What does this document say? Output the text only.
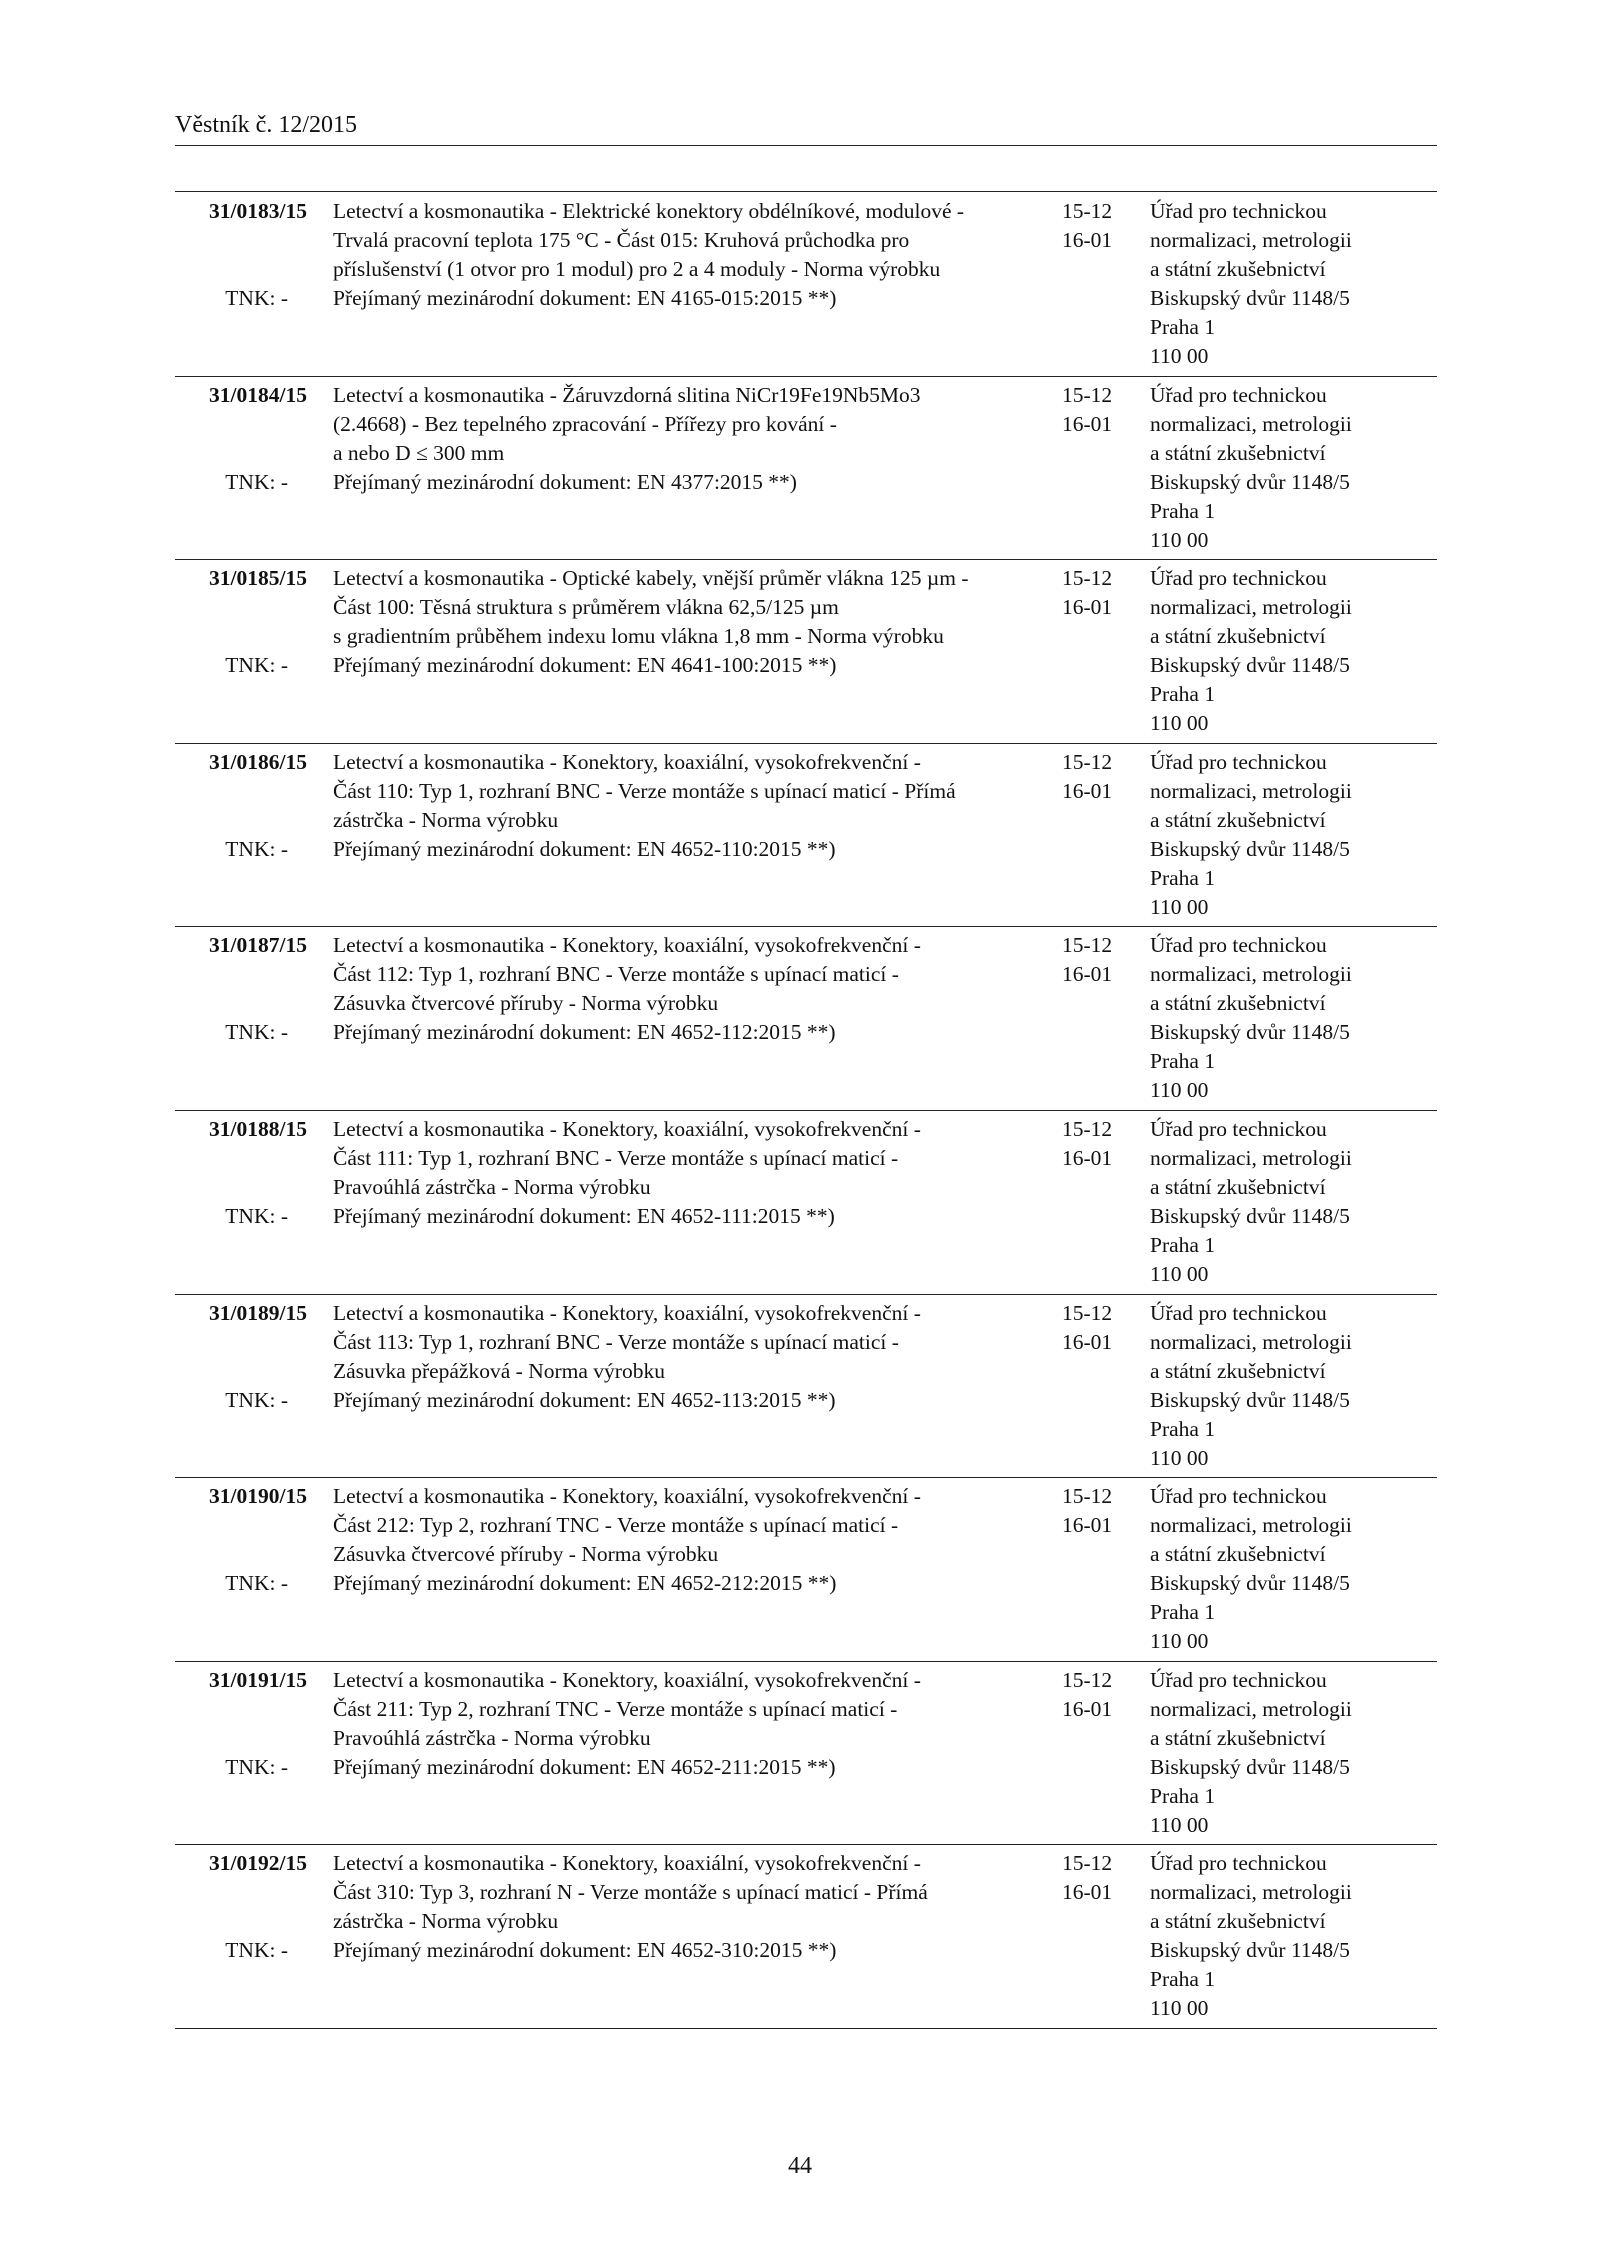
Věstník č. 12/2015
31/0183/15
TNK: -
Letectví a kosmonautika - Elektrické konektory obdélníkové, modulové -
Trvalá pracovní teplota 175 °C - Část 015: Kruhová průchodka pro
příslušenství (1 otvor pro 1 modul) pro 2 a 4 moduly - Norma výrobku
Přejímaný mezinárodní dokument: EN 4165-015:2015 **)
15-12
16-01
Úřad pro technickou
normalizaci, metrologii
a státní zkušebnictví
Biskupský dvůr 1148/5
Praha 1
110 00
31/0184/15
TNK: -
Letectví a kosmonautika - Žáruvzdorná slitina NiCr19Fe19Nb5Mo3
(2.4668) - Bez tepelného zpracování - Přířezy pro kování -
a nebo D ≤ 300 mm
Přejímaný mezinárodní dokument: EN 4377:2015 **)
15-12
16-01
Úřad pro technickou
normalizaci, metrologii
a státní zkušebnictví
Biskupský dvůr 1148/5
Praha 1
110 00
31/0185/15
TNK: -
Letectví a kosmonautika - Optické kabely, vnější průměr vlákna 125 µm -
Část 100: Těsná struktura s průměrem vlákna 62,5/125 µm
s gradientním průběhem indexu lomu vlákna 1,8 mm - Norma výrobku
Přejímaný mezinárodní dokument: EN 4641-100:2015 **)
15-12
16-01
Úřad pro technickou
normalizaci, metrologii
a státní zkušebnictví
Biskupský dvůr 1148/5
Praha 1
110 00
31/0186/15
TNK: -
Letectví a kosmonautika - Konektory, koaxiální, vysokofrekvenční -
Část 110: Typ 1, rozhraní BNC - Verze montáže s upínací maticí - Přímá
zástrčka - Norma výrobku
Přejímaný mezinárodní dokument: EN 4652-110:2015 **)
15-12
16-01
Úřad pro technickou
normalizaci, metrologii
a státní zkušebnictví
Biskupský dvůr 1148/5
Praha 1
110 00
31/0187/15
TNK: -
Letectví a kosmonautika - Konektory, koaxiální, vysokofrekvenční -
Část 112: Typ 1, rozhraní BNC - Verze montáže s upínací maticí -
Zásuvka čtvercové příruby - Norma výrobku
Přejímaný mezinárodní dokument: EN 4652-112:2015 **)
15-12
16-01
Úřad pro technickou
normalizaci, metrologii
a státní zkušebnictví
Biskupský dvůr 1148/5
Praha 1
110 00
31/0188/15
TNK: -
Letectví a kosmonautika - Konektory, koaxiální, vysokofrekvenční -
Část 111: Typ 1, rozhraní BNC - Verze montáže s upínací maticí -
Pravoúhlá zástrčka - Norma výrobku
Přejímaný mezinárodní dokument: EN 4652-111:2015 **)
15-12
16-01
Úřad pro technickou
normalizaci, metrologii
a státní zkušebnictví
Biskupský dvůr 1148/5
Praha 1
110 00
31/0189/15
TNK: -
Letectví a kosmonautika - Konektory, koaxiální, vysokofrekvenční -
Část 113: Typ 1, rozhraní BNC - Verze montáže s upínací maticí -
Zásuvka přepážková - Norma výrobku
Přejímaný mezinárodní dokument: EN 4652-113:2015 **)
15-12
16-01
Úřad pro technickou
normalizaci, metrologii
a státní zkušebnictví
Biskupský dvůr 1148/5
Praha 1
110 00
31/0190/15
TNK: -
Letectví a kosmonautika - Konektory, koaxiální, vysokofrekvenční -
Část 212: Typ 2, rozhraní TNC - Verze montáže s upínací maticí -
Zásuvka čtvercové příruby - Norma výrobku
Přejímaný mezinárodní dokument: EN 4652-212:2015 **)
15-12
16-01
Úřad pro technickou
normalizaci, metrologii
a státní zkušebnictví
Biskupský dvůr 1148/5
Praha 1
110 00
31/0191/15
TNK: -
Letectví a kosmonautika - Konektory, koaxiální, vysokofrekvenční -
Část 211: Typ 2, rozhraní TNC - Verze montáže s upínací maticí -
Pravoúhlá zástrčka - Norma výrobku
Přejímaný mezinárodní dokument: EN 4652-211:2015 **)
15-12
16-01
Úřad pro technickou
normalizaci, metrologii
a státní zkušebnictví
Biskupský dvůr 1148/5
Praha 1
110 00
31/0192/15
TNK: -
Letectví a kosmonautika - Konektory, koaxiální, vysokofrekvenční -
Část 310: Typ 3, rozhraní N - Verze montáže s upínací maticí - Přímá
zástrčka - Norma výrobku
Přejímaný mezinárodní dokument: EN 4652-310:2015 **)
15-12
16-01
Úřad pro technickou
normalizaci, metrologii
a státní zkušebnictví
Biskupský dvůr 1148/5
Praha 1
110 00
44
